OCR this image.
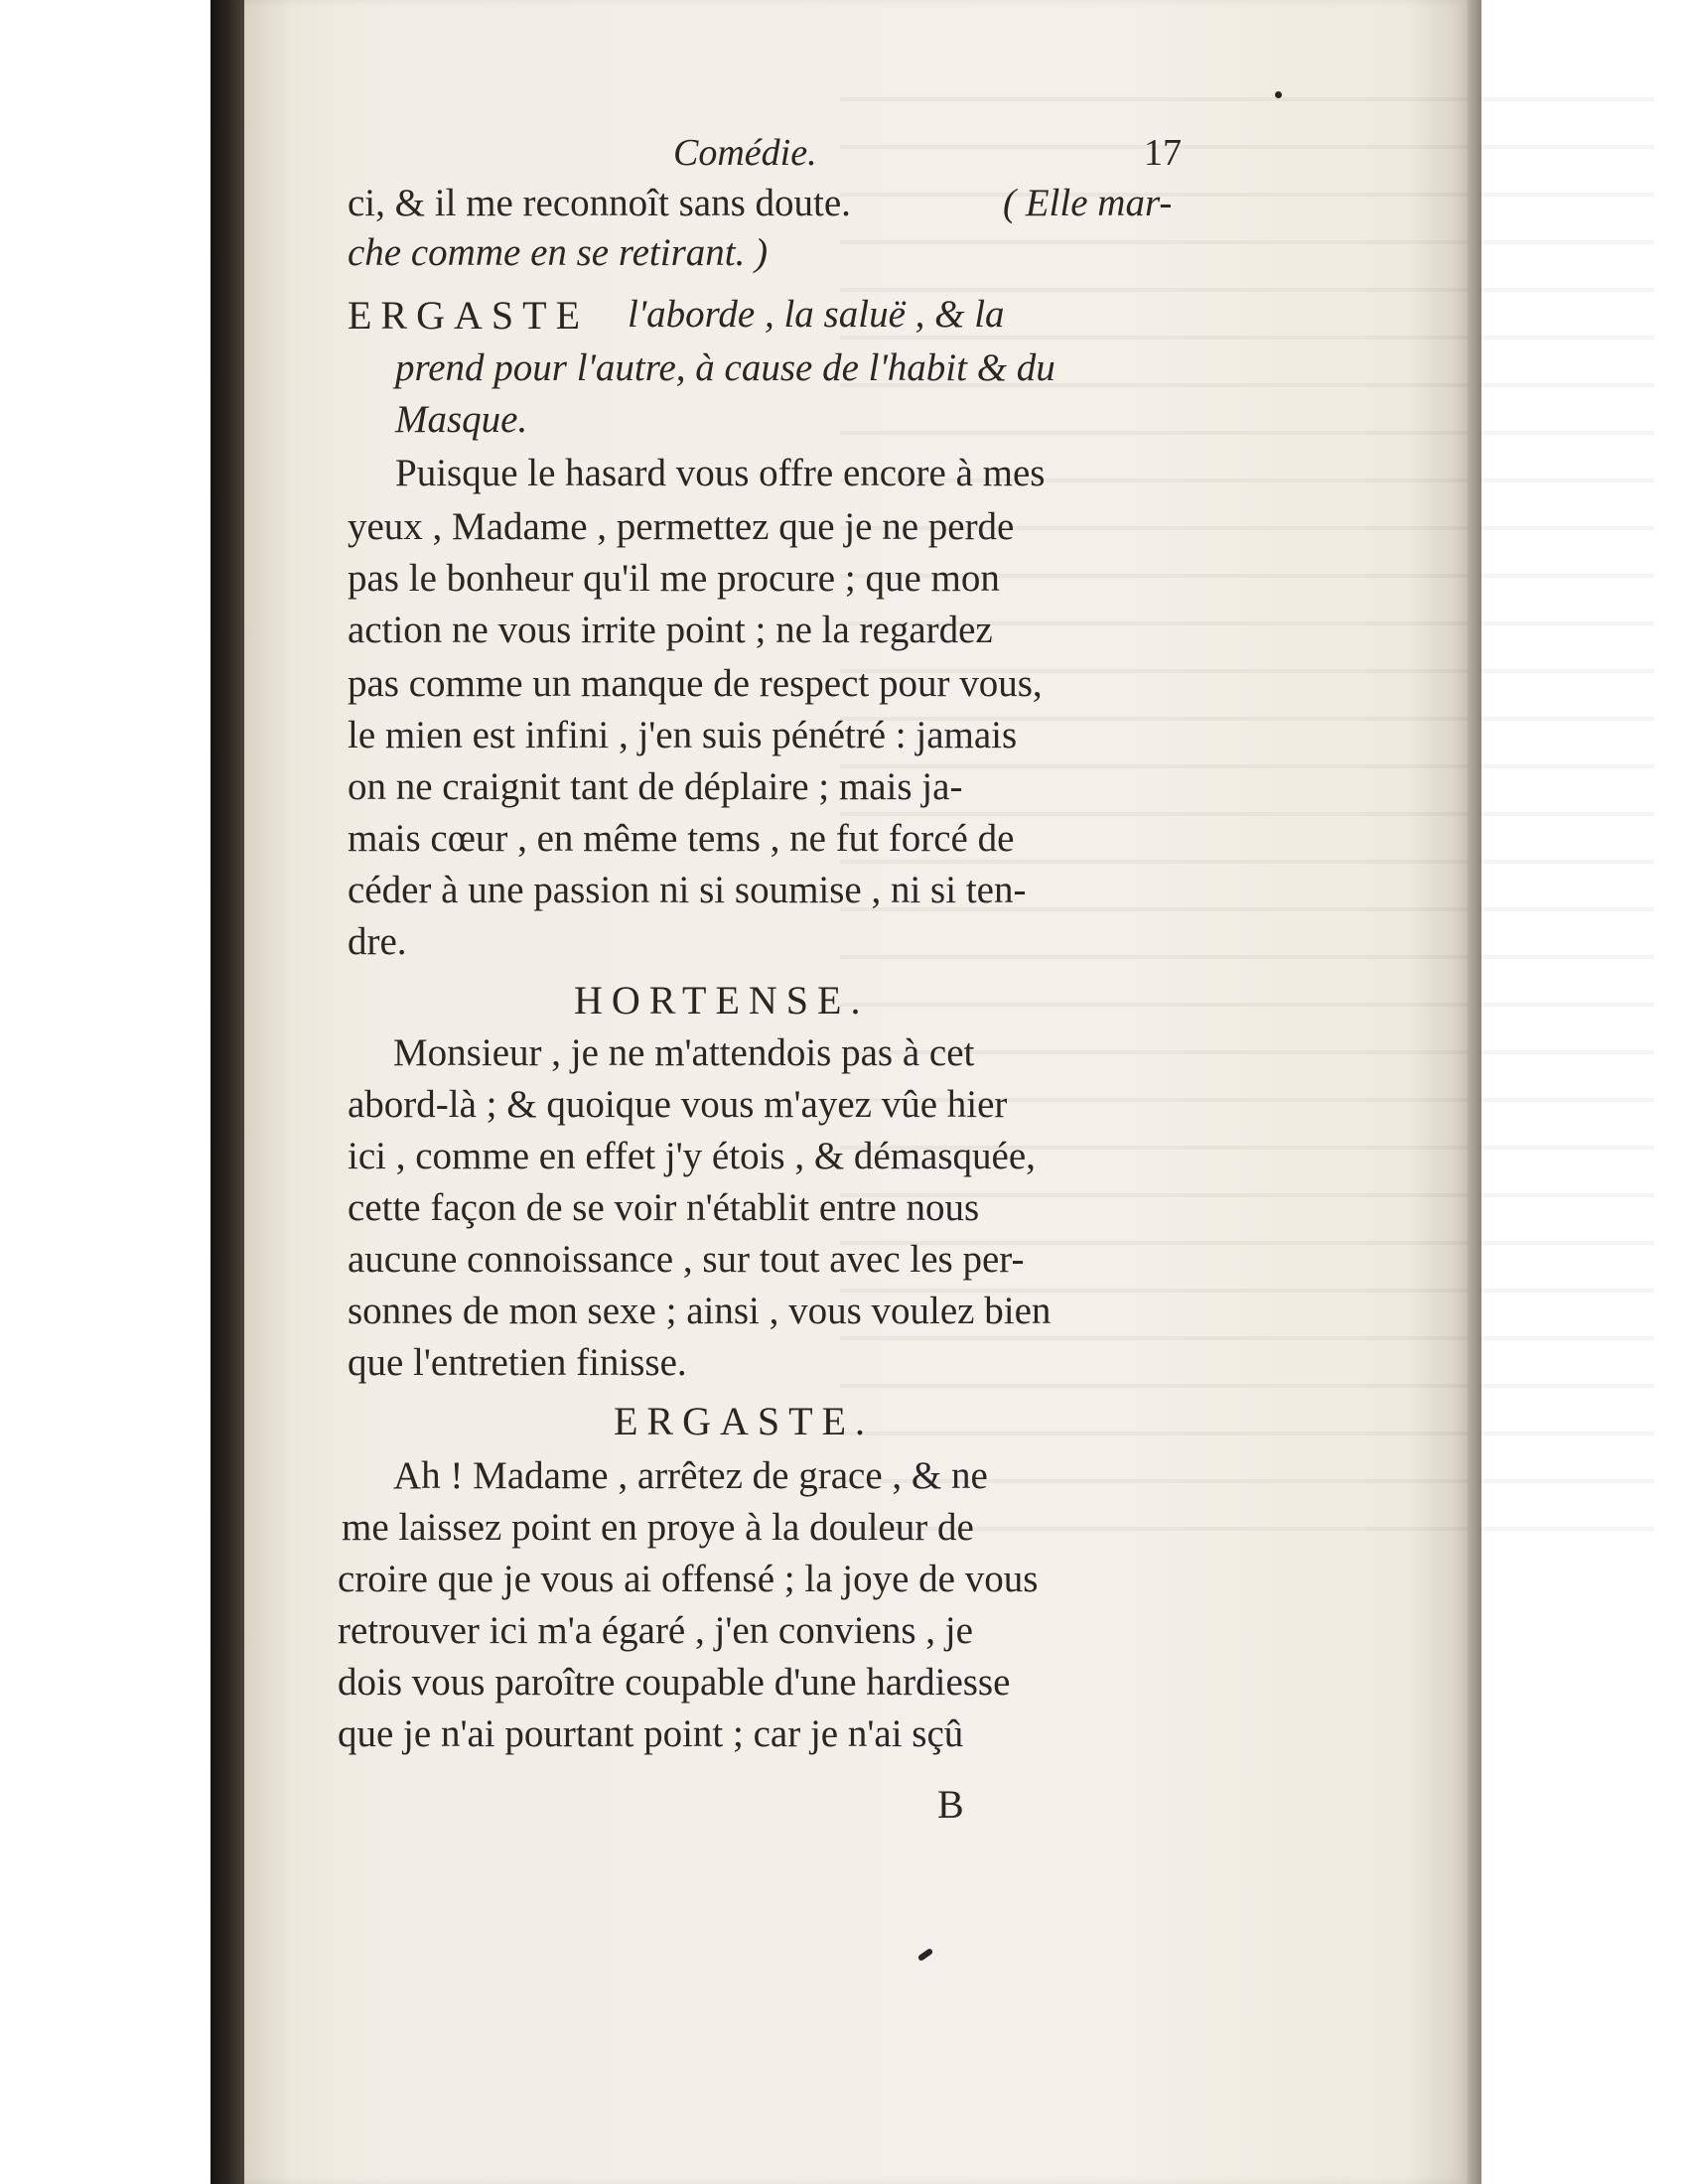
Comédie.	17
ci, & il me reconnoît sans doute.	( Elle mar-
che comme en se retirant. )
ERGASTE l'aborde , la saluë , & la
prend pour l'autre, à cause de l'habit & du
Masque.
Puisque le hasard vous offre encore à mes
yeux , Madame , permettez que je ne perde
pas le bonheur qu'il me procure ; que mon
action ne vous irrite point ; ne la regardez
pas comme un manque de respect pour vous,
le mien est infini , j'en suis pénétré : jamais
on ne craignit tant de déplaire ; mais ja-
mais cœur , en même tems , ne fut forcé de
céder à une passion ni si soumise , ni si ten-
dre.
HORTENSE.
Monsieur , je ne m'attendois pas à cet
abord-là ; & quoique vous m'ayez vûe hier
ici , comme en effet j'y étois , & démasquée,
cette façon de se voir n'établit entre nous
aucune connoissance , sur tout avec les per-
sonnes de mon sexe ; ainsi , vous voulez bien
que l'entretien finisse.
ERGASTE.
Ah ! Madame , arrêtez de grace , & ne
me laissez point en proye à la douleur de
croire que je vous ai offensé ; la joye de vous
retrouver ici m'a égaré , j'en conviens , je
dois vous paroître coupable d'une hardiesse
que je n'ai pourtant point ; car je n'ai sçû
B
